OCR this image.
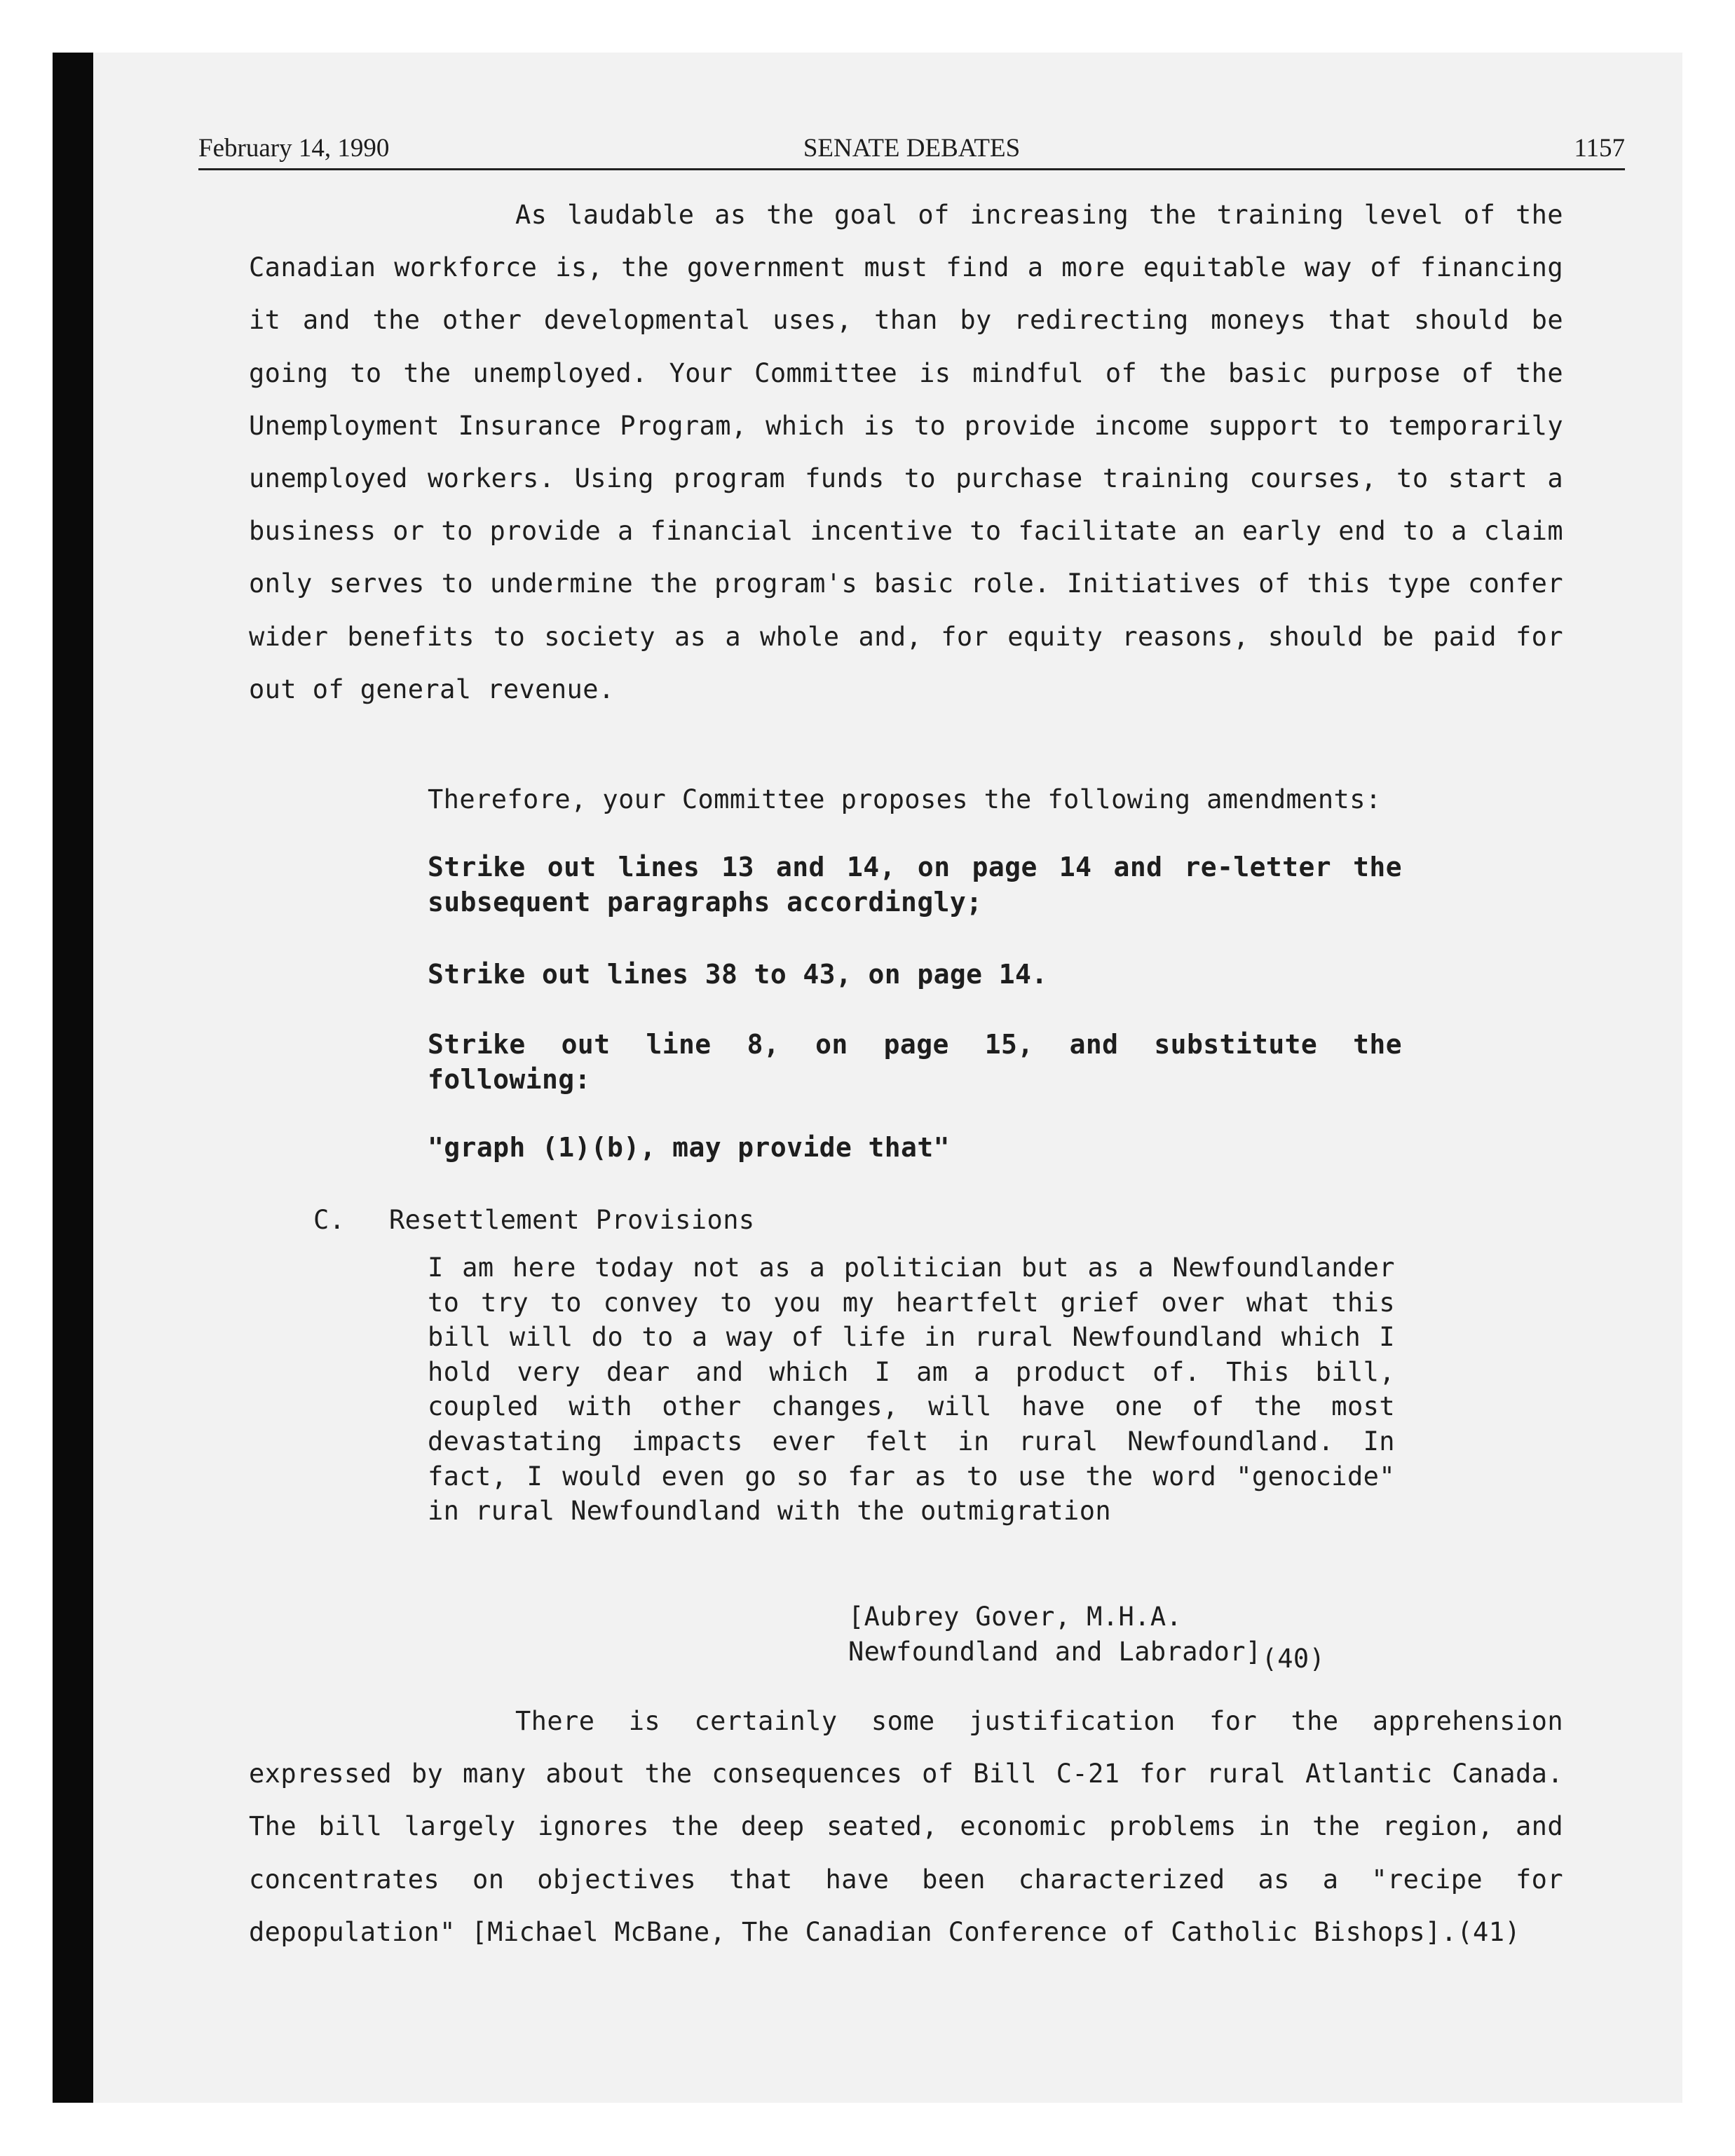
SENATE DEBATES
February 14, 1990	1157

As laudable as the goal of increasing the training level of the Canadian workforce is, the government must find a more equitable way of financing it and the other developmental uses, than by redirecting moneys that should be going to the unemployed. Your Committee is mindful of the basic purpose of the Unemployment Insurance Program, which is to provide income support to temporarily unemployed workers. Using program funds to purchase training courses, to start a business or to provide a financial incentive to facilitate an early end to a claim only serves to undermine the program's basic role. Initiatives of this type confer wider benefits to society as a whole and, for equity reasons, should be paid for out of general revenue.

Therefore, your Committee proposes the following amendments:

Strike out lines 13 and 14, on page 14 and re-letter the subsequent paragraphs accordingly;

Strike out lines 38 to 43, on page 14.

Strike out line 8, on page 15, and substitute the following:

"graph (1)(b), may provide that"

C. Resettlement Provisions

I am here today not as a politician but as a Newfoundlander to try to convey to you my heartfelt grief over what this bill will do to a way of life in rural Newfoundland which I hold very dear and which I am a product of. This bill, coupled with other changes, will have one of the most devastating impacts ever felt in rural Newfoundland. In fact, I would even go so far as to use the word "genocide" in rural Newfoundland with the outmigration

[Aubrey Gover, M.H.A.
Newfoundland and Labrador](40)

There is certainly some justification for the apprehension expressed by many about the consequences of Bill C-21 for rural Atlantic Canada. The bill largely ignores the deep seated, economic problems in the region, and concentrates on objectives that have been characterized as a "recipe for depopulation" [Michael McBane, The Canadian Conference of Catholic Bishops].(41)
